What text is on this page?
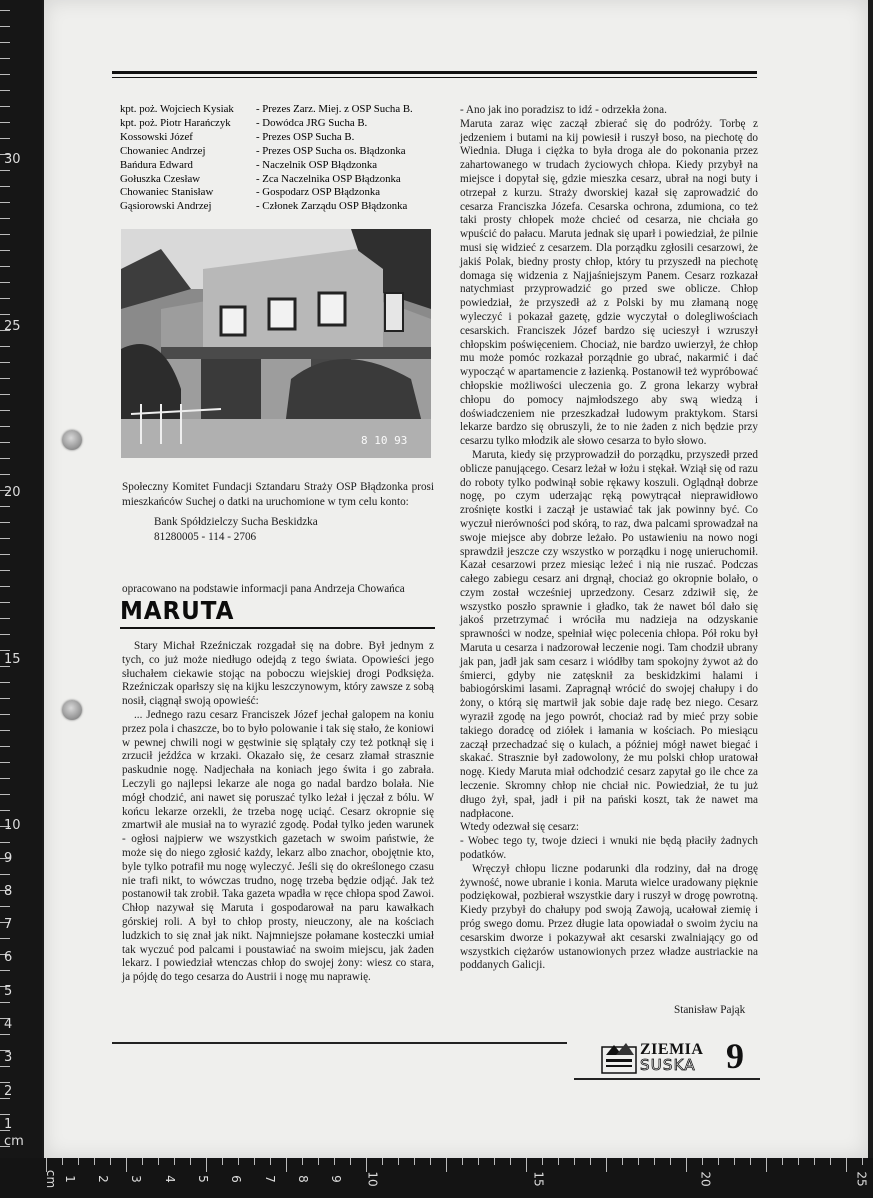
30
25
20
15
10
9
8
7
6
5
4
3
2
1
cm
cm 1 2 3 4 5 6 7 8 9 10	15	20	25
kpt. poż. Wojciech Kysiak	- Prezes Zarz. Miej. z OSP Sucha B.
kpt. poż. Piotr Harańczyk	- Dowódca JRG Sucha B.
Kossowski Józef	- Prezes OSP Sucha B.
Chowaniec Andrzej	- Prezes OSP Sucha os. Błądzonka
Bańdura Edward	- Naczelnik OSP Błądzonka
Gołuszka Czesław	- Zca Naczelnika OSP Błądzonka
Chowaniec Stanisław	- Gospodarz OSP Błądzonka
Gąsiorowski Andrzej	- Członek Zarządu OSP Błądzonka
8 10 93

Społeczny Komitet Fundacji Sztandaru Straży OSP Błądzonka prosi mieszkańców Suchej o datki na uruchomione w tym celu konto:

Bank Spółdzielczy Sucha Beskidzka
81280005 - 114 - 2706
opracowano na podstawie informacji pana Andrzeja Chowańca
MARUTA

Stary Michał Rzeźniczak rozgadał się na dobre. Był jednym z tych, co już może niedługo odejdą z tego świata. Opowieści jego słuchałem ciekawie stojąc na poboczu wiejskiej drogi Podksięża. Rzeźniczak oparłszy się na kijku leszczynowym, który zawsze z sobą nosił, ciągnął swoją opowieść:

... Jednego razu cesarz Franciszek Józef jechał galopem na koniu przez pola i chaszcze, bo to było polowanie i tak się stało, że koniowi w pewnej chwili nogi w gęstwinie się splątały czy też potknął się i zrzucił jeźdźca w krzaki. Okazało się, że cesarz złamał strasznie paskudnie nogę. Nadjechała na koniach jego świta i go zabrała. Leczyli go najlepsi lekarze ale noga go nadal bardzo bolała. Nie mógł chodzić, ani nawet się poruszać tylko leżał i jęczał z bólu. W końcu lekarze orzekli, że trzeba nogę uciąć. Cesarz okropnie się zmartwił ale musiał na to wyrazić zgodę. Podał tylko jeden warunek - ogłosi najpierw we wszystkich gazetach w swoim państwie, że może się do niego zgłosić każdy, lekarz albo znachor, obojętnie kto, byle tylko potrafił mu nogę wyleczyć. Jeśli się do określonego czasu nie trafi nikt, to wówczas trudno, nogę trzeba będzie odjąć. Jak też postanowił tak zrobił. Taka gazeta wpadła w ręce chłopa spod Zawoi. Chłop nazywał się Maruta i gospodarował na paru kawałkach górskiej roli. A był to chłop prosty, nieuczony, ale na kościach ludzkich to się znał jak nikt. Najmniejsze połamane kosteczki umiał tak wyczuć pod palcami i poustawiać na swoim miejscu, jak żaden lekarz. I powiedział wtenczas chłop do swojej żony: wiesz co stara, ja pójdę do tego cesarza do Austrii i nogę mu naprawię.

- Ano jak ino poradzisz to idź - odrzekła żona.

Maruta zaraz więc zaczął zbierać się do podróży. Torbę z jedzeniem i butami na kij powiesił i ruszył boso, na piechotę do Wiednia. Długa i ciężka to była droga ale do pokonania przez zahartowanego w trudach życiowych chłopa. Kiedy przybył na miejsce i dopytał się, gdzie mieszka cesarz, ubrał na nogi buty i otrzepał z kurzu. Straży dworskiej kazał się zaprowadzić do cesarza Franciszka Józefa. Cesarska ochrona, zdumiona, co też taki prosty chłopek może chcieć od cesarza, nie chciała go wpuścić do pałacu. Maruta jednak się uparł i powiedział, że pilnie musi się widzieć z cesarzem. Dla porządku zgłosili cesarzowi, że jakiś Polak, biedny prosty chłop, który tu przyszedł na piechotę domaga się widzenia z Najjaśniejszym Panem. Cesarz rozkazał natychmiast przyprowadzić go przed swe oblicze. Chłop powiedział, że przyszedł aż z Polski by mu złamaną nogę wyleczyć i pokazał gazetę, gdzie wyczytał o dolegliwościach cesarskich. Franciszek Józef bardzo się ucieszył i wzruszył chłopskim poświęceniem. Chociaż, nie bardzo uwierzył, że chłop mu może pomóc rozkazał porządnie go ubrać, nakarmić i dać wypocząć w apartamencie z łazienką. Postanowił też wypróbować chłopskie możliwości uleczenia go. Z grona lekarzy wybrał chłopu do pomocy najmłodszego aby swą wiedzą i doświadczeniem nie przeszkadzał ludowym praktykom. Starsi lekarze bardzo się obruszyli, że to nie żaden z nich będzie przy cesarzu tylko młodzik ale słowo cesarza to było słowo.

Maruta, kiedy się przyprowadził do porządku, przyszedł przed oblicze panującego. Cesarz leżał w łożu i stękał. Wziął się od razu do roboty tylko podwinął sobie rękawy koszuli. Oglądnął dobrze nogę, po czym uderzając ręką powytrącał nieprawidłowo zrośnięte kostki i zaczął je ustawiać tak jak powinny być. Co wyczuł nierówności pod skórą, to raz, dwa palcami sprowadzał na swoje miejsce aby dobrze leżało. Po ustawieniu na nowo nogi sprawdził jeszcze czy wszystko w porządku i nogę unieruchomił. Kazał cesarzowi przez miesiąc leżeć i nią nie ruszać. Podczas całego zabiegu cesarz ani drgnął, chociaż go okropnie bolało, o czym został wcześniej uprzedzony. Cesarz zdziwił się, że wszystko poszło sprawnie i gładko, tak że nawet ból dało się jakoś przetrzymać i wróciła mu nadzieja na odzyskanie sprawności w nodze, spełniał więc polecenia chłopa. Pół roku był Maruta u cesarza i nadzorował leczenie nogi. Tam chodził ubrany jak pan, jadł jak sam cesarz i wiódłby tam spokojny żywot aż do śmierci, gdyby nie zatęsknił za beskidzkimi halami i babiogórskimi lasami. Zapragnął wrócić do swojej chałupy i do żony, o którą się martwił jak sobie daje radę bez niego. Cesarz wyraził zgodę na jego powrót, chociaż rad by mieć przy sobie takiego doradcę od ziółek i łamania w kościach. Po miesiącu zaczął przechadzać się o kulach, a później mógł nawet biegać i skakać. Strasznie był zadowolony, że mu polski chłop uratował nogę. Kiedy Maruta miał odchodzić cesarz zapytał go ile chce za leczenie. Skromny chłop nie chciał nic. Powiedział, że tu już długo żył, spał, jadł i pił na pański koszt, tak że nawet ma nadpłacone.

Wtedy odezwał się cesarz:

- Wobec tego ty, twoje dzieci i wnuki nie będą płaciły żadnych podatków.

Wręczył chłopu liczne podarunki dla rodziny, dał na drogę żywność, nowe ubranie i konia. Maruta wielce uradowany pięknie podziękował, pozbierał wszystkie dary i ruszył w drogę powrotną. Kiedy przybył do chałupy pod swoją Zawoją, ucałował ziemię i próg swego domu. Przez długie lata opowiadał o swoim życiu na cesarskim dworze i pokazywał akt cesarski zwalniający go od wszystkich ciężarów ustanowionych przez władze austriackie na poddanych Galicji.

Stanisław Pająk
ZIEMIA
SUSKA 9
